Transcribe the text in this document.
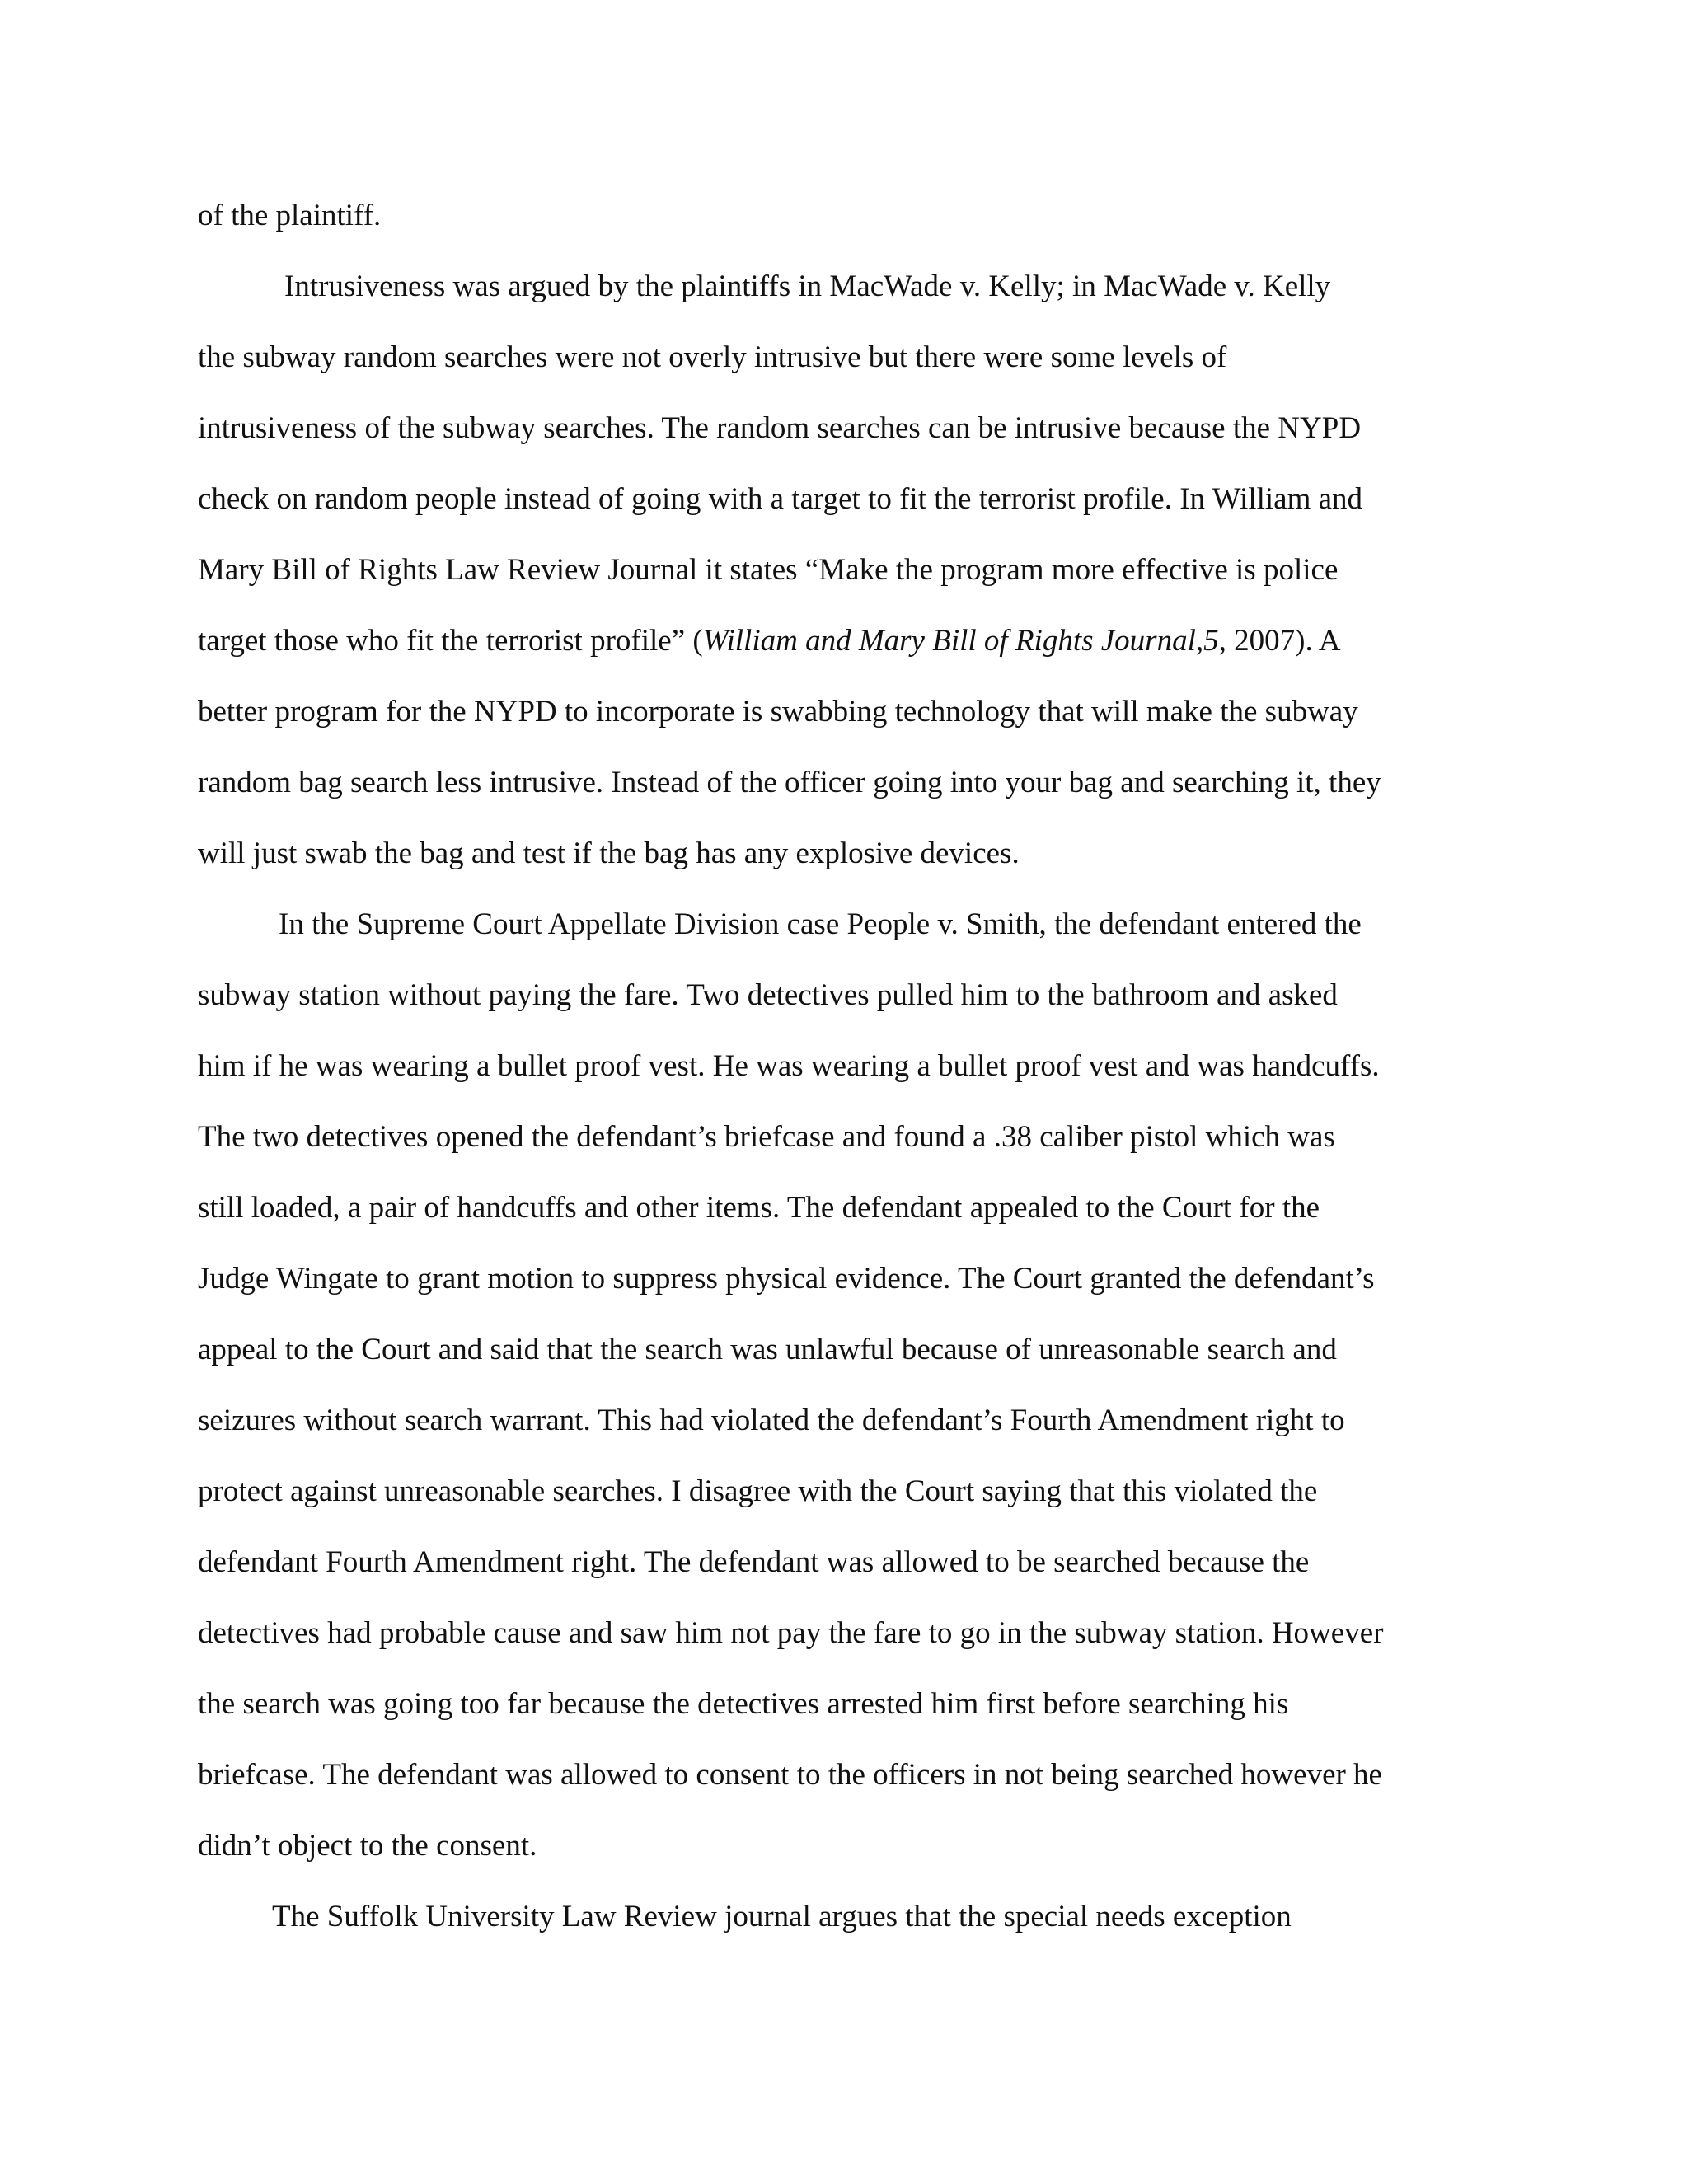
of the plaintiff.
Intrusiveness was argued by the plaintiffs in MacWade v. Kelly; in MacWade v. Kelly
the subway random searches were not overly intrusive but there were some levels of
intrusiveness of the subway searches. The random searches can be intrusive because the NYPD
check on random people instead of going with a target to fit the terrorist profile. In William and
Mary Bill of Rights Law Review Journal it states “Make the program more effective is police
target those who fit the terrorist profile” (William and Mary Bill of Rights Journal,5, 2007). A
better program for the NYPD to incorporate is swabbing technology that will make the subway
random bag search less intrusive. Instead of the officer going into your bag and searching it, they
will just swab the bag and test if the bag has any explosive devices.
In the Supreme Court Appellate Division case People v. Smith, the defendant entered the
subway station without paying the fare. Two detectives pulled him to the bathroom and asked
him if he was wearing a bullet proof vest. He was wearing a bullet proof vest and was handcuffs.
The two detectives opened the defendant’s briefcase and found a .38 caliber pistol which was
still loaded, a pair of handcuffs and other items. The defendant appealed to the Court for the
Judge Wingate to grant motion to suppress physical evidence. The Court granted the defendant’s
appeal to the Court and said that the search was unlawful because of unreasonable search and
seizures without search warrant. This had violated the defendant’s Fourth Amendment right to
protect against unreasonable searches. I disagree with the Court saying that this violated the
defendant Fourth Amendment right. The defendant was allowed to be searched because the
detectives had probable cause and saw him not pay the fare to go in the subway station. However
the search was going too far because the detectives arrested him first before searching his
briefcase. The defendant was allowed to consent to the officers in not being searched however he
didn’t object to the consent.
The Suffolk University Law Review journal argues that the special needs exception
